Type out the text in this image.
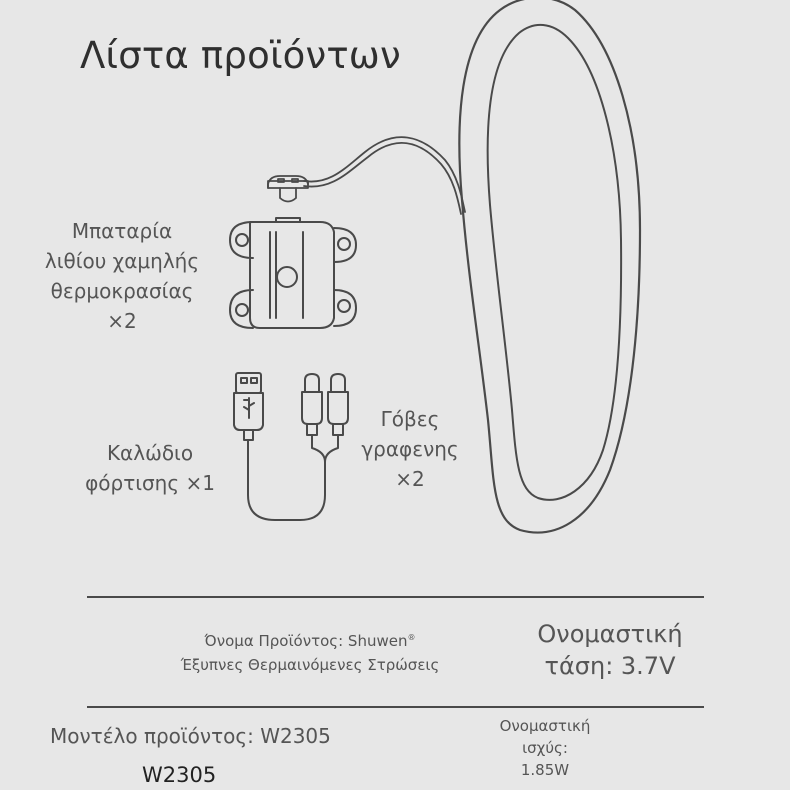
Λίστα προϊόντων
Μπαταρία
λιθίου χαμηλής
θερμοκρασίας
×2
Καλώδιο
φόρτισης ×1
Γόβες
γραφενης
×2
Όνομα Προϊόντος: Shuwen®
Έξυπνες Θερμαινόμενες Στρώσεις
Ονομαστική
τάση: 3.7V
Μοντέλο προϊόντος: W2305
W2305
Ονομαστική
ισχύς:
1.85W
